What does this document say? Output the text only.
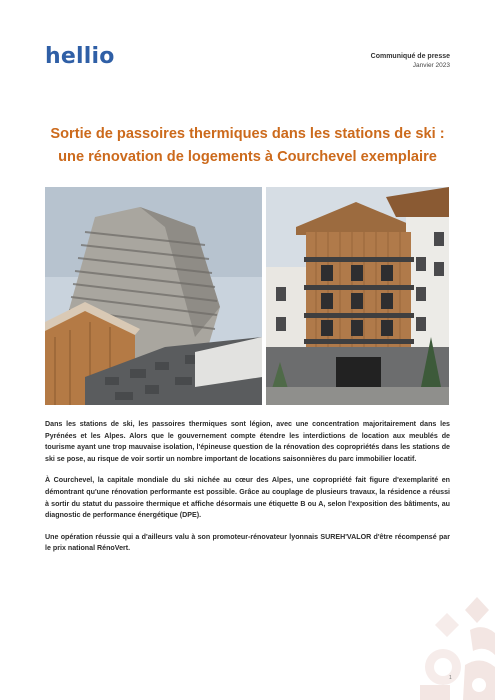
hellio	Communiqué de presse
Janvier 2023
Sortie de passoires thermiques dans les stations de ski :
une rénovation de logements à Courchevel exemplaire

Dans les stations de ski, les passoires thermiques sont légion, avec une concentration majoritairement dans les Pyrénées et les Alpes. Alors que le gouvernement compte étendre les interdictions de location aux meublés de tourisme ayant une trop mauvaise isolation, l'épineuse question de la rénovation des copropriétés dans les stations de ski se pose, au risque de voir sortir un nombre important de locations saisonnières du parc immobilier locatif.

À Courchevel, la capitale mondiale du ski nichée au cœur des Alpes, une copropriété fait figure d'exemplarité en démontrant qu'une rénovation performante est possible. Grâce au couplage de plusieurs travaux, la résidence a réussi à sortir du statut du passoire thermique et affiche désormais une étiquette B ou A, selon l'exposition des bâtiments, au diagnostic de performance énergétique (DPE).

Une opération réussie qui a d'ailleurs valu à son promoteur-rénovateur lyonnais SUREH'VALOR d'être récompensé par le prix national RénoVert.

1
